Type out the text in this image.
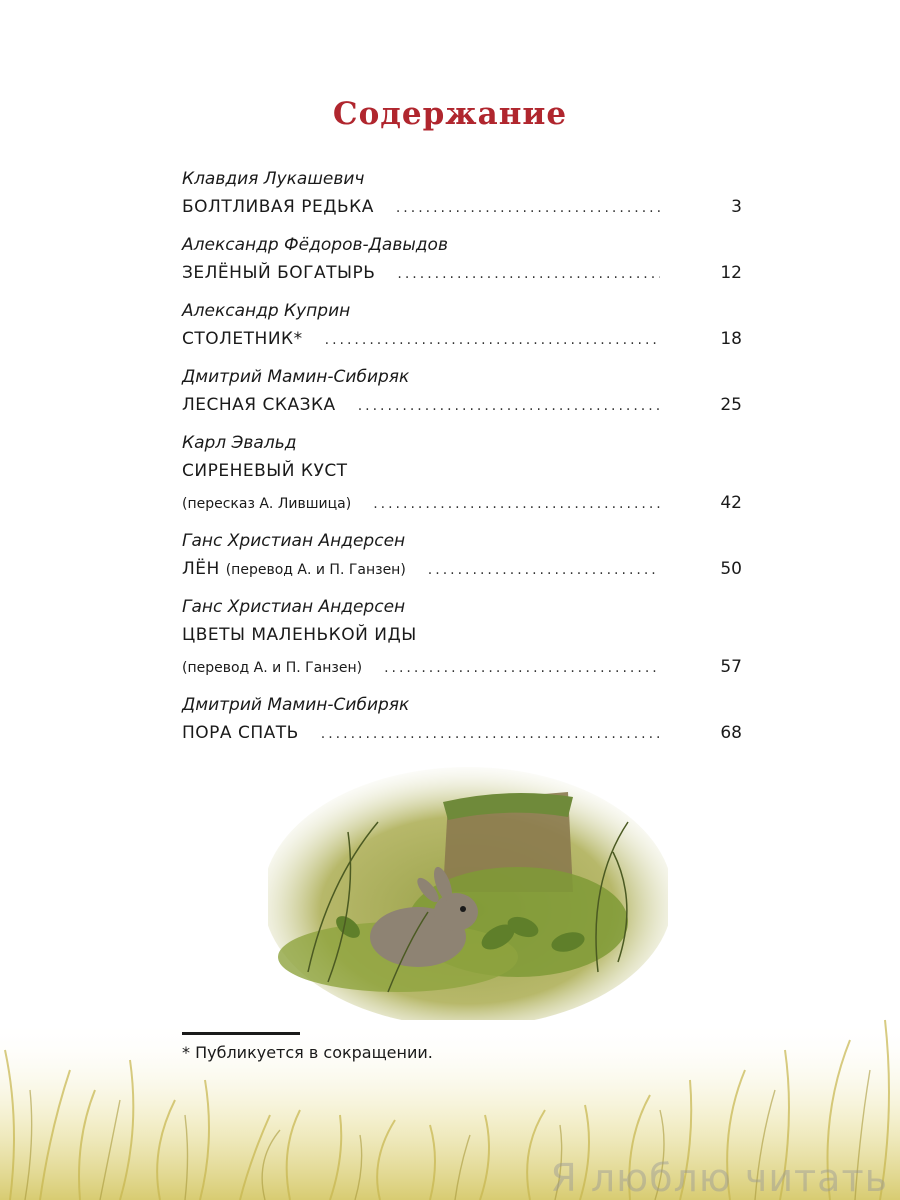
Содержание
Клавдия Лукашевич
БОЛТЛИВАЯ РЕДЬКА .....	3
Александр Фёдоров-Давыдов
ЗЕЛЁНЫЙ БОГАТЫРЬ .....	12
Александр Куприн
СТОЛЕТНИК* .....	18
Дмитрий Мамин-Сибиряк
ЛЕСНАЯ СКАЗКА .....	25
Карл Эвальд
СИРЕНЕВЫЙ КУСТ
(пересказ А. Лившица) .....	42
Ганс Христиан Андерсен
ЛЁН (перевод А. и П. Ганзен) .....	50
Ганс Христиан Андерсен
ЦВЕТЫ МАЛЕНЬКОЙ ИДЫ
(перевод А. и П. Ганзен) .....	57
Дмитрий Мамин-Сибиряк
ПОРА СПАТЬ .....	68
* Публикуется в сокращении.
Я люблю читать
